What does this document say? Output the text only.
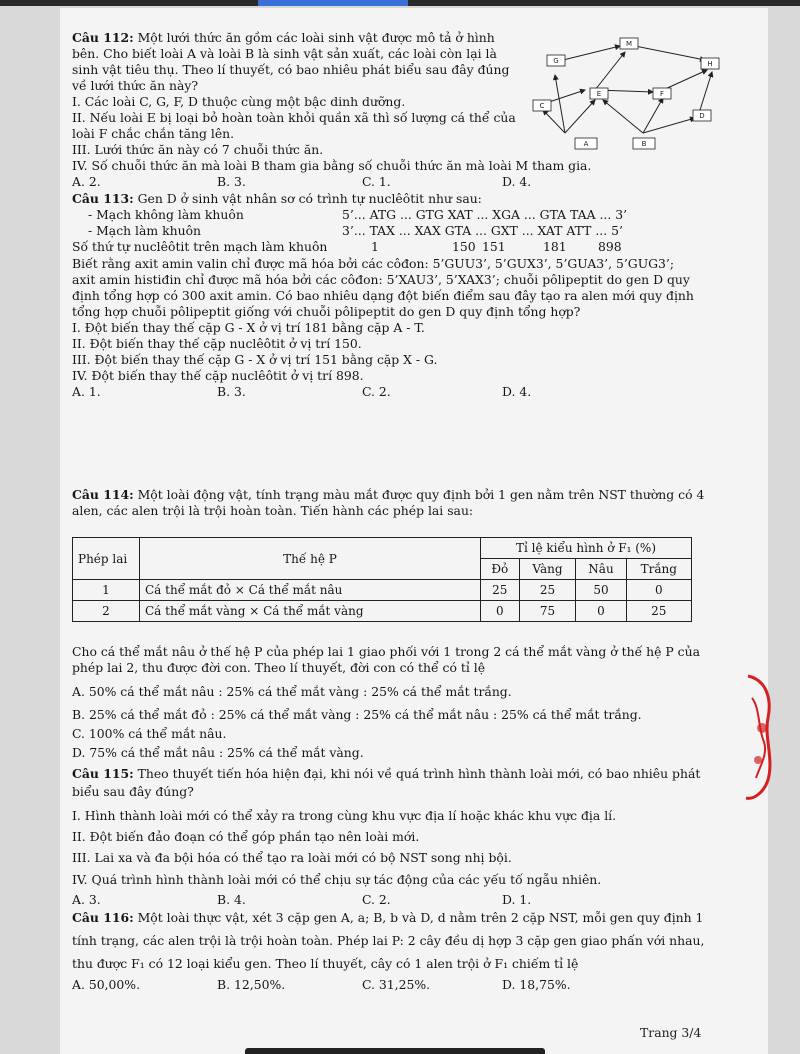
Câu 112: Một lưới thức ăn gồm các loài sinh vật được mô tả ở hình
bên. Cho biết loài A và loài B là sinh vật sản xuất, các loài còn lại là
sinh vật tiêu thụ. Theo lí thuyết, có bao nhiêu phát biểu sau đây đúng
về lưới thức ăn này?
I. Các loài C, G, F, D thuộc cùng một bậc dinh dưỡng.
II. Nếu loài E bị loại bỏ hoàn toàn khỏi quần xã thì số lượng cá thể của
loài F chắc chắn tăng lên.
III. Lưới thức ăn này có 7 chuỗi thức ăn.
IV. Số chuỗi thức ăn mà loài B tham gia bằng số chuỗi thức ăn mà loài M tham gia.
A. 2.	B. 3.	C. 1.	D. 4.
M
G	H
E	F
C
D
A	B
Câu 113: Gen D ở sinh vật nhân sơ có trình tự nuclêôtit như sau:
- Mạch không làm khuôn	5’... ATG ... GTG XAT ... XGA ... GTA TAA ... 3’
- Mạch làm khuôn	3’... TAX ... XAX GTA ... GXT ... XAT ATT ... 5’
Số thứ tự nuclêôtit trên mạch làm khuôn	1	150 151	181	898
Biết rằng axit amin valin chỉ được mã hóa bởi các côđon: 5’GUU3’, 5’GUX3’, 5’GUA3’, 5’GUG3’;
axit amin histiđin chỉ được mã hóa bởi các côđon: 5’XAU3’, 5’XAX3’; chuỗi pôlipeptit do gen D quy
định tổng hợp có 300 axit amin. Có bao nhiêu dạng đột biến điểm sau đây tạo ra alen mới quy định
tổng hợp chuỗi pôlipeptit giống với chuỗi pôlipeptit do gen D quy định tổng hợp?
I. Đột biến thay thế cặp G - X ở vị trí 181 bằng cặp A - T.
II. Đột biến thay thế cặp nuclêôtit ở vị trí 150.
III. Đột biến thay thế cặp G - X ở vị trí 151 bằng cặp X - G.
IV. Đột biến thay thế cặp nuclêôtit ở vị trí 898.
A. 1.	B. 3.	C. 2.	D. 4.
Câu 114: Một loài động vật, tính trạng màu mắt được quy định bởi 1 gen nằm trên NST thường có 4
alen, các alen trội là trội hoàn toàn. Tiến hành các phép lai sau:
Phép lai	Thế hệ P	Tỉ lệ kiểu hình ở F₁ (%)			
		Đỏ	Vàng	Nâu	Trắng
1	Cá thể mắt đỏ × Cá thể mắt nâu	25	25	50	0
2	Cá thể mắt vàng × Cá thể mắt vàng	0	75	0	25
Cho cá thể mắt nâu ở thế hệ P của phép lai 1 giao phối với 1 trong 2 cá thể mắt vàng ở thế hệ P của
phép lai 2, thu được đời con. Theo lí thuyết, đời con có thể có tỉ lệ
A. 50% cá thể mắt nâu : 25% cá thể mắt vàng : 25% cá thể mắt trắng.
B. 25% cá thể mắt đỏ : 25% cá thể mắt vàng : 25% cá thể mắt nâu : 25% cá thể mắt trắng.
C. 100% cá thể mắt nâu.
D. 75% cá thể mắt nâu : 25% cá thể mắt vàng.
Câu 115: Theo thuyết tiến hóa hiện đại, khi nói về quá trình hình thành loài mới, có bao nhiêu phát
biểu sau đây đúng?
I. Hình thành loài mới có thể xảy ra trong cùng khu vực địa lí hoặc khác khu vực địa lí.
II. Đột biến đảo đoạn có thể góp phần tạo nên loài mới.
III. Lai xa và đa bội hóa có thể tạo ra loài mới có bộ NST song nhị bội.
IV. Quá trình hình thành loài mới có thể chịu sự tác động của các yếu tố ngẫu nhiên.
A. 3.	B. 4.	C. 2.	D. 1.
Câu 116: Một loài thực vật, xét 3 cặp gen A, a; B, b và D, d nằm trên 2 cặp NST, mỗi gen quy định 1
tính trạng, các alen trội là trội hoàn toàn. Phép lai P: 2 cây đều dị hợp 3 cặp gen giao phấn với nhau,
thu được F₁ có 12 loại kiểu gen. Theo lí thuyết, cây có 1 alen trội ở F₁ chiếm tỉ lệ
A. 50,00%.	B. 12,50%.	C. 31,25%.	D. 18,75%.
Trang 3/4
